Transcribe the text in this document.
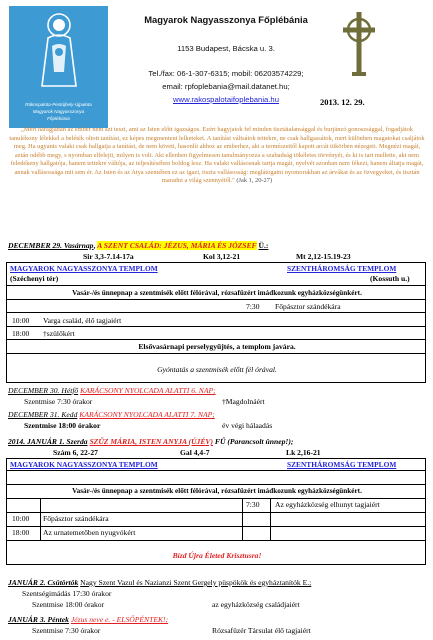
Rákospalota-Pestújhely-Újpalota
Magyarok Nagyasszonya
Főplébánia
Magyarok Nagyasszonya Főplébánia
1153 Budapest, Bácska u. 3.
Tel./fax: 06-1-307-6315; mobil: 06203574229;
email: rpfoplebania@mail.datanet.hu;
www.rakospalotaifoplebania.hu	2013. 12. 29.
„Mert haragjában az ember nem azt teszi, ami az Isten előtt igazságos. Ezért hagyjatok fel minden tisztátalansággal és burjánzó gonoszsággal, fogadjátok tanulékony lélekkel a beléték oltott tanítást, ez képes megmenteni lelketeket. A tanítást váltsátok tettekre, ne csak hallgassátok, mert különben magatokat csaljátok meg. Ha ugyanis valaki csak hallgatja a tanítást, de nem követi, hasonlít ahhoz az emberhez, aki a természettől kapott arcát tükörben nézegeti. Megnézi magát, aztán odébb megy, s nyomban elfelejti, milyen is volt. Aki ellenben figyelmesen tanulmányozza a szabadság tökéletes törvényét, és ki is tart mellette, aki nem feledékeny hallgatója, hanem tettekre váltója, az teljesítésében boldog lesz. Ha valaki vallásosnak tartja magát, nyelvét azonban nem fékezi, hanem áltatja magát, annak vallásossága mit sem ér. Az Isten és az Atya szemében ez az igazi, tiszta vallásosság: meglátogatni nyomorukban az árvákat és az özvegyeket, és tisztán maradni a világ szennyétől." (Jak 1, 20-27)
DECEMBER 29. Vasárnap, A SZENT CSALÁD: JÉZUS, MÁRIA ÉS JÓZSEF Ü.:
Sir 3,3-7.14-17a	Kol 3,12-21	Mt 2,12-15.19-23
MAGYAROK NAGYASSZONYA TEMPLOM	SZENTHÁROMSÁG TEMPLOM
(Széchenyi tér)	(Kossuth u.)
Vasár-/és ünnepnap a szentmisék előtt félórával, rózsafüzért imádkozunk egyházközségünkért.
7:30	Főpásztor szándékára
10:00	Varga család, élő tagjaiért
18:00	†szülőkért
Elsővasárnapi perselygyűjtés, a templom javára.
Gyóntatás a szentmisék előtt fél órával.
DECEMBER 30. Hétfő KARÁCSONY NYOLCADA ALATTI 6. NAP;
Szentmise 7:30 órakor	†Magdolnáért
DECEMBER 31. Kedd KARÁCSONY NYOLCADA ALATTI 7. NAP;
Szentmise 18:00 órakor	év végi hálaadás
2014. JANUÁR 1. Szerda SZŰZ MÁRIA, ISTEN ANYJA (ÚJÉV) FŰ (Parancsolt ünnep!);
Szám 6, 22-27	Gal 4,4-7	Lk 2,16-21
MAGYAROK NAGYASSZONYA TEMPLOM	SZENTHÁROMSÁG TEMPLOM
Vasár-/és ünnepnap a szentmisék előtt félórával, rózsafüzért imádkozunk egyházközségünkért.
7:30	Az egyházközség elhunyt tagjaiért
10:00	Főpásztor szándékára
18:00	Az urnatemetőben nyugvókért
Bízd Újra Életed Krisztusra!
JANUÁR 2. Csütörtök Nagy Szent Vazul és Nazianzi Szent Gergely püspökök és egyháztanítók E.;
Szentségimádás 17:30 órakor
Szentmise 18:00 órakor	az egyházközség családjaiért
JANUÁR 3. Péntek Jézus neve e. - ELSŐPÉNTEK!;
Szentmise 7:30 órakor	Rózsafüzér Társulat élő tagjaiért
